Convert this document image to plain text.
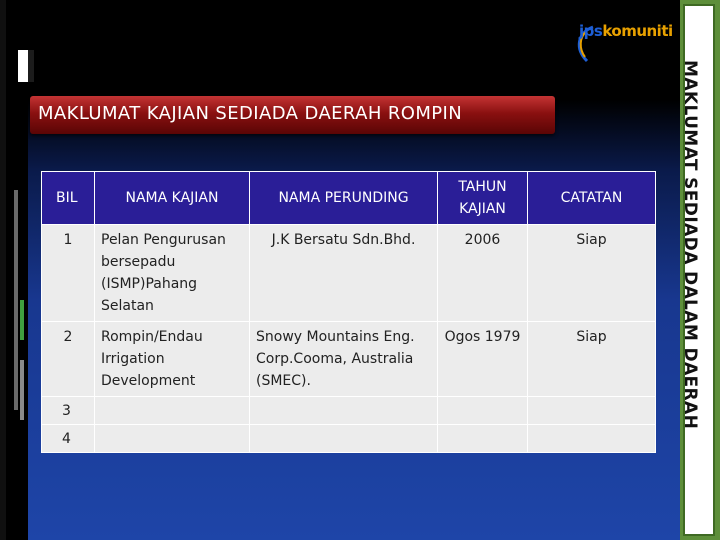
jpskomuniti
MAKLUMAT KAJIAN SEDIADA DAERAH ROMPIN	MAKLUMAT SEDIADA DALAM DAERAH
BIL	NAMA KAJIAN	NAMA PERUNDING	TAHUN KAJIAN	CATATAN
1	Pelan Pengurusan bersepadu (ISMP)Pahang Selatan	J.K Bersatu Sdn.Bhd.	2006	Siap
2	Rompin/Endau Irrigation Development	Snowy Mountains Eng. Corp.Cooma, Australia (SMEC).	Ogos 1979	Siap
3				
4				
